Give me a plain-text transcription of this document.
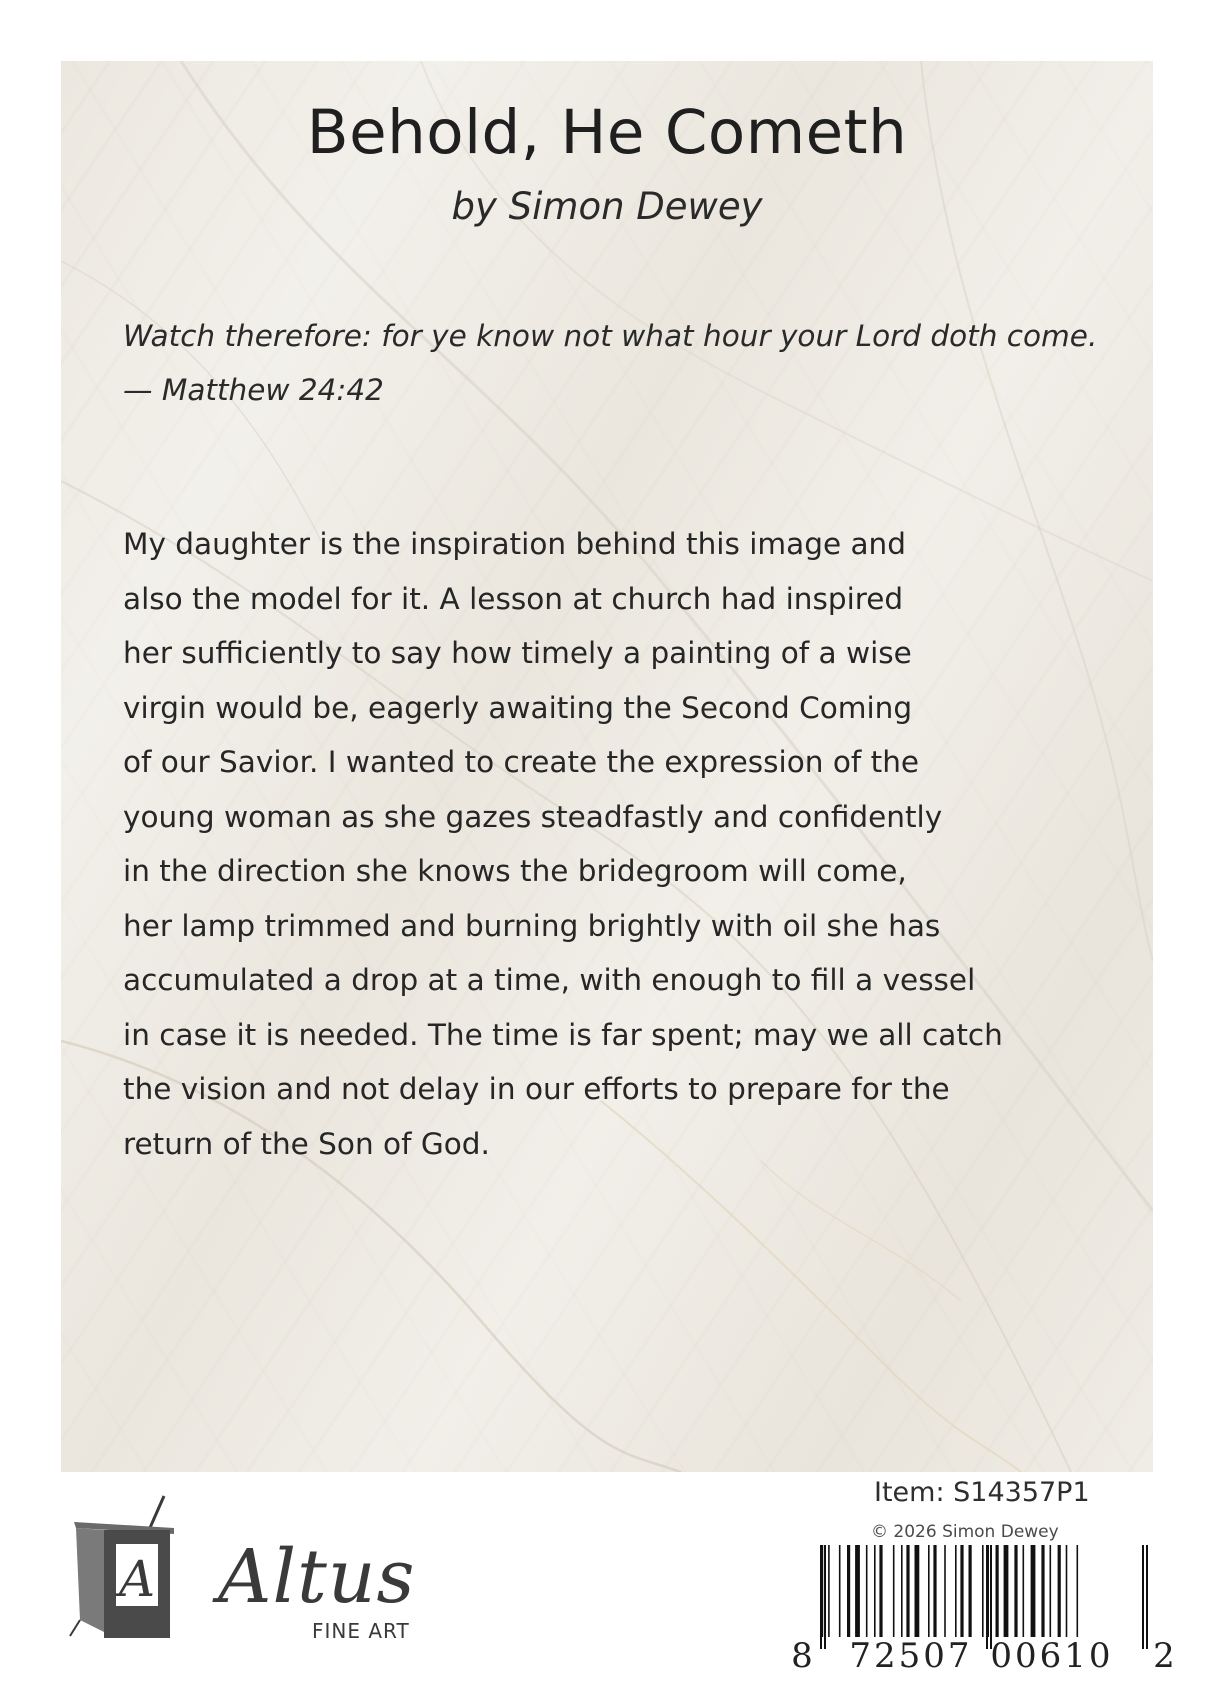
Behold, He Cometh
by Simon Dewey

Watch therefore: for ye know not what hour your Lord doth come. — Matthew 24:42

My daughter is the inspiration behind this image and
also the model for it. A lesson at church had inspired
her sufficiently to say how timely a painting of a wise
virgin would be, eagerly awaiting the Second Coming
of our Savior. I wanted to create the expression of the
young woman as she gazes steadfastly and confidently
in the direction she knows the bridegroom will come,
her lamp trimmed and burning brightly with oil she has
accumulated a drop at a time, with enough to fill a vessel
in case it is needed. The time is far spent; may we all catch
the vision and not delay in our efforts to prepare for the
return of the Son of God.
A Altus
FINE ART
Item: S14357P1
© 2026 Simon Dewey
8 72507 00610 2
